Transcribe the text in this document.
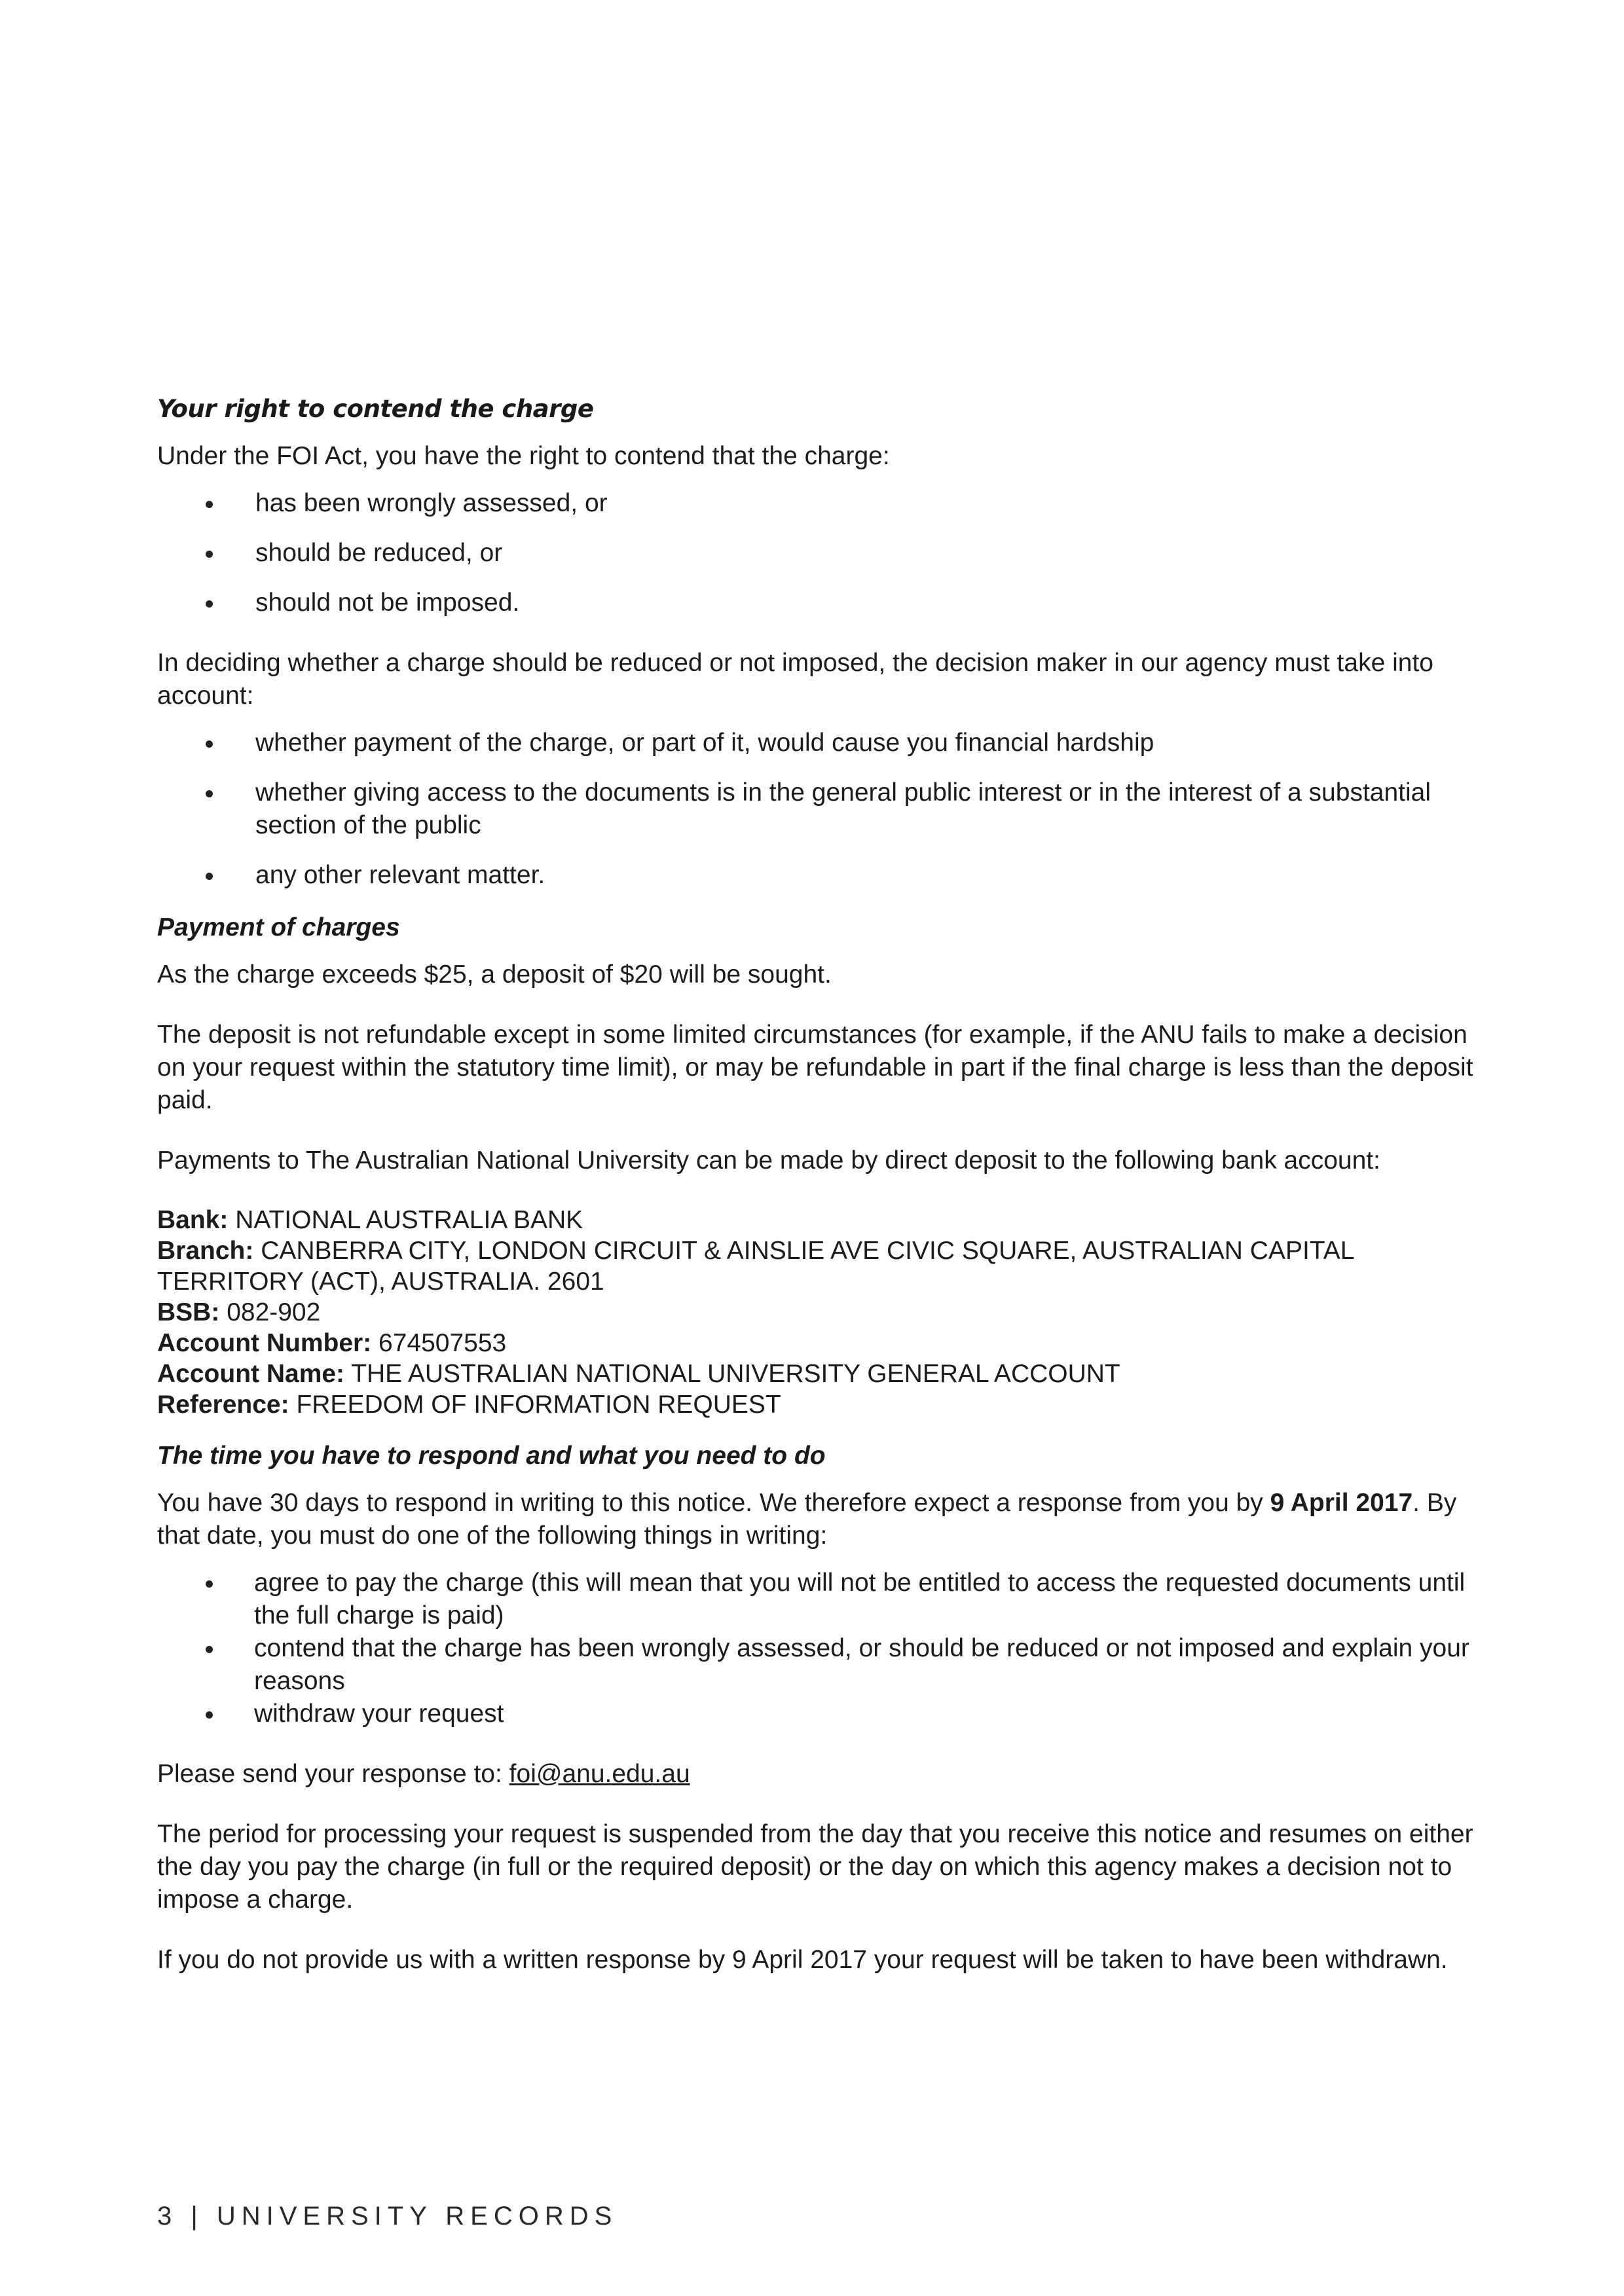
Your right to contend the charge

Under the FOI Act, you have the right to contend that the charge:

has been wrongly assessed, or
should be reduced, or
should not be imposed.

In deciding whether a charge should be reduced or not imposed, the decision maker in our agency must take into account:

whether payment of the charge, or part of it, would cause you financial hardship
whether giving access to the documents is in the general public interest or in the interest of a substantial section of the public
any other relevant matter.
Payment of charges

As the charge exceeds $25, a deposit of $20 will be sought.

The deposit is not refundable except in some limited circumstances (for example, if the ANU fails to make a decision on your request within the statutory time limit), or may be refundable in part if the final charge is less than the deposit paid.

Payments to The Australian National University can be made by direct deposit to the following bank account:

Bank: NATIONAL AUSTRALIA BANK
Branch: CANBERRA CITY, LONDON CIRCUIT & AINSLIE AVE CIVIC SQUARE, AUSTRALIAN CAPITAL TERRITORY (ACT), AUSTRALIA. 2601
BSB: 082-902
Account Number: 674507553
Account Name: THE AUSTRALIAN NATIONAL UNIVERSITY GENERAL ACCOUNT
Reference: FREEDOM OF INFORMATION REQUEST
The time you have to respond and what you need to do

You have 30 days to respond in writing to this notice. We therefore expect a response from you by 9 April 2017. By that date, you must do one of the following things in writing:

agree to pay the charge (this will mean that you will not be entitled to access the requested documents until the full charge is paid)
contend that the charge has been wrongly assessed, or should be reduced or not imposed and explain your reasons
withdraw your request

Please send your response to: foi@anu.edu.au

The period for processing your request is suspended from the day that you receive this notice and resumes on either the day you pay the charge (in full or the required deposit) or the day on which this agency makes a decision not to impose a charge.

If you do not provide us with a written response by 9 April 2017 your request will be taken to have been withdrawn.

3 | UNIVERSITY RECORDS
